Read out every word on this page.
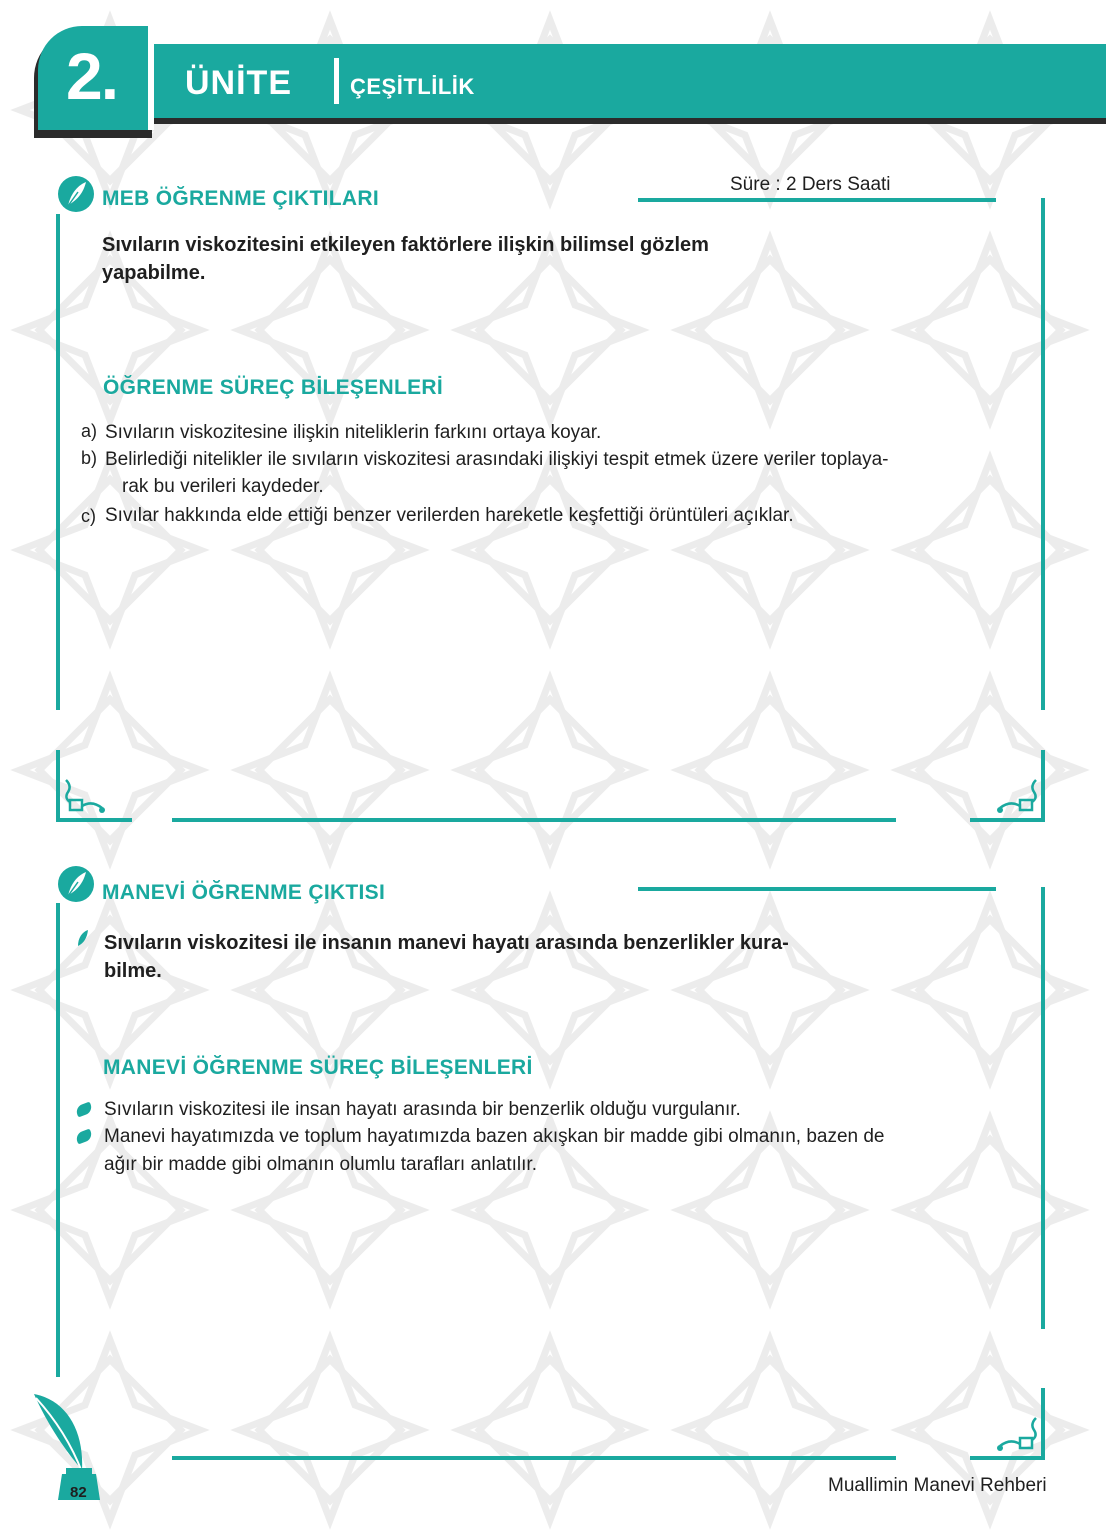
2. ÜNİTE	ÇEŞİTLİLİK
MEB ÖĞRENME ÇIKTILARI
Süre : 2 Ders Saati
Sıvıların viskozitesini etkileyen faktörlere ilişkin bilimsel gözlem
yapabilme.
ÖĞRENME SÜREÇ BİLEŞENLERİ
a) Sıvıların viskozitesine ilişkin niteliklerin farkını ortaya koyar.
b) Belirlediği nitelikler ile sıvıların viskozitesi arasındaki ilişkiyi tespit etmek üzere veriler toplaya-
rak bu verileri kaydeder.
c) Sıvılar hakkında elde ettiği benzer verilerden hareketle keşfettiği örüntüleri açıklar.
MANEVİ ÖĞRENME ÇIKTISI
Sıvıların viskozitesi ile insanın manevi hayatı arasında benzerlikler kura-
bilme.
MANEVİ ÖĞRENME SÜREÇ BİLEŞENLERİ
Sıvıların viskozitesi ile insan hayatı arasında bir benzerlik olduğu vurgulanır.
Manevi hayatımızda ve toplum hayatımızda bazen akışkan bir madde gibi olmanın, bazen de
ağır bir madde gibi olmanın olumlu tarafları anlatılır.
82	Muallimin Manevi Rehberi
